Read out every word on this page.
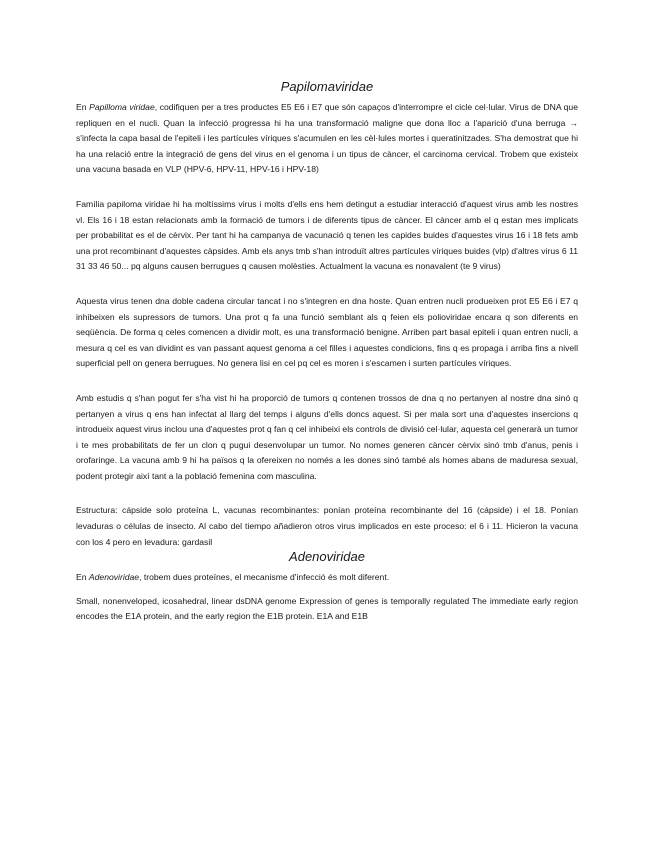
Papilomaviridae

En Papilloma viridae, codifiquen per a tres productes E5 E6 i E7 que són capaços d'interrompre el cicle cel·lular. Virus de DNA que repliquen en el nucli. Quan la infecció progressa hi ha una transformació maligne que dona lloc a l'aparició d'una berruga → s'infecta la capa basal de l'epiteli i les partícules víriques s'acumulen en les cèl·lules mortes i queratinitzades. S'ha demostrat que hi ha una relació entre la integració de gens del virus en el genoma i un tipus de càncer, el carcinoma cervical. Trobem que existeix una vacuna basada en VLP (HPV-6, HPV-11, HPV-16 i HPV-18)

Família papiloma viridae hi ha moltíssims virus i molts d'ells ens hem detingut a estudiar interacció d'aquest virus amb les nostres vl. Els 16 i 18 estan relacionats amb la formació de tumors i de diferents tipus de càncer. El càncer amb el q estan mes implicats per probabilitat es el de cèrvix. Per tant hi ha campanya de vacunació q tenen les capides buides d'aquestes virus 16 i 18 fets amb una prot recombinant d'aquestes càpsides. Amb els anys tmb s'han introduït altres partícules víriques buides (vlp) d'altres virus 6 11 31 33 46 50... pq alguns causen berrugues q causen molèsties. Actualment la vacuna es nonavalent (te 9 virus)

Aquesta virus tenen dna doble cadena circular tancat i no s'integren en dna hoste. Quan entren nucli produeixen prot E5 E6 i E7 q inhibeixen els supressors de tumors. Una prot q fa una funció semblant als q feien els polioviridae encara q son diferents en seqüència. De forma q celes comencen a dividir molt, es una transformació benigne. Arriben part basal epiteli i quan entren nucli, a mesura q cel es van dividint es van passant aquest genoma a cel filles i aquestes condicions, fins q es propaga i arriba fins a nivell superficial pell on genera berrugues. No genera lisi en cel pq cel es moren i s'escamen i surten partícules víriques.

Amb estudis q s'han pogut fer s'ha vist hi ha proporció de tumors q contenen trossos de dna q no pertanyen al nostre dna sinó q pertanyen a virus q ens han infectat al llarg del temps i alguns d'ells doncs aquest. Si per mala sort una d'aquestes insercions q introdueix aquest virus inclou una d'aquestes prot q fan q cel inhibeixi els controls de divisió cel·lular, aquesta cel generarà un tumor i te mes probabilitats de fer un clon q pugui desenvolupar un tumor. No nomes generen càncer cèrvix sinó tmb d'anus, penis i orofaringe. La vacuna amb 9 hi ha països q la ofereixen no només a les dones sinó també als homes abans de maduresa sexual, podent protegir així tant a la població femenina com masculina.

Estructura: cápside solo proteína L, vacunas recombinantes: ponían proteína recombinante del 16 (cápside) i el 18. Ponían levaduras o células de insecto. Al cabo del tiempo añadieron otros virus implicados en este proceso: el 6 i 11. Hicieron la vacuna con los 4 pero en levadura: gardasil

Adenoviridae

En Adenoviridae, trobem dues proteïnes, el mecanisme d'infecció és molt diferent.

Small, nonenveloped, icosahedral, linear dsDNA genome Expression of genes is temporally regulated The immediate early region encodes the E1A protein, and the early region the E1B protein. E1A and E1B
